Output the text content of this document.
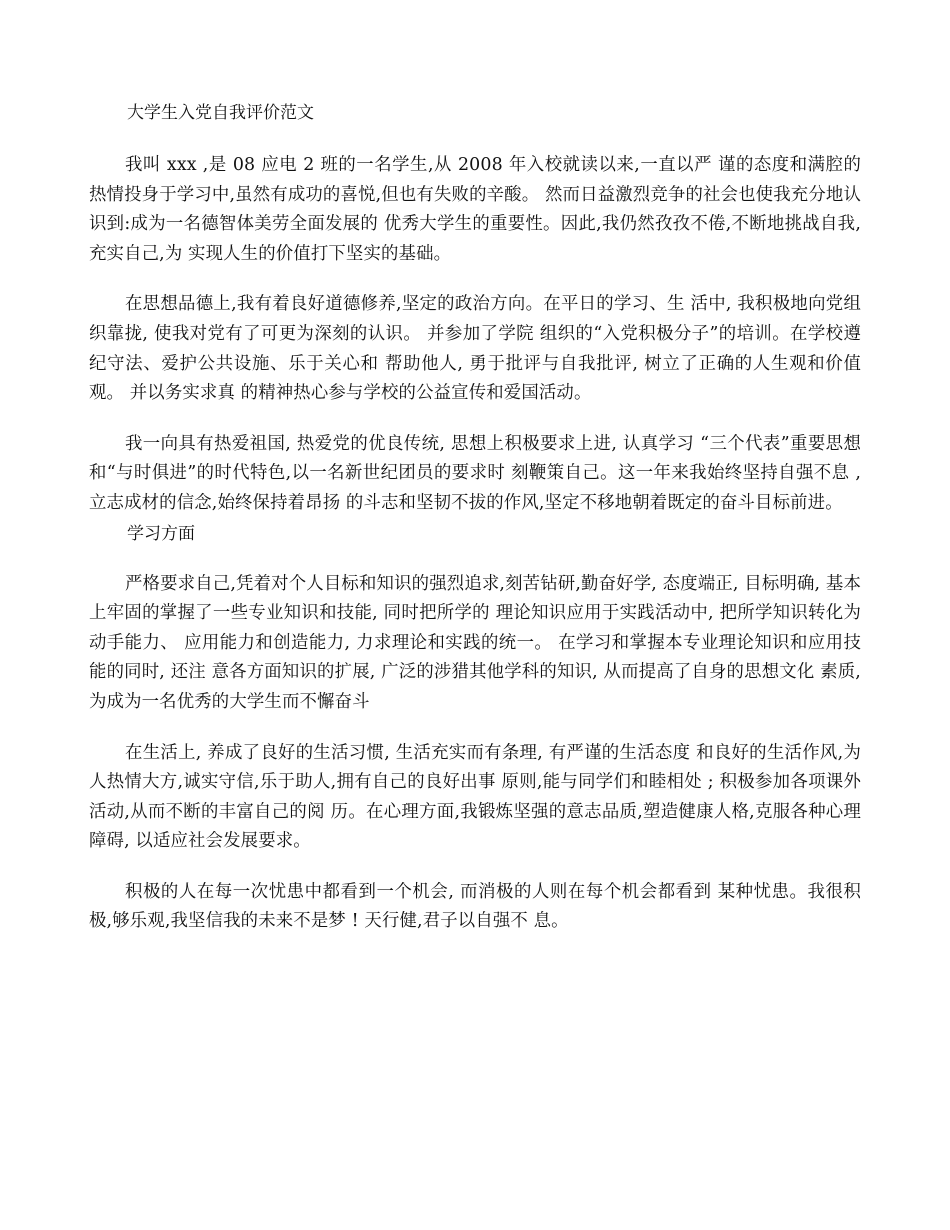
大学生入党自我评价范文

我叫 xxx ,是 08 应电 2 班的一名学生,从 2008 年入校就读以来,一直以严 谨的态度和满腔的热情投身于学习中,虽然有成功的喜悦,但也有失败的辛酸。 然而日益激烈竞争的社会也使我充分地认识到:成为一名德智体美劳全面发展的 优秀大学生的重要性。因此,我仍然孜孜不倦,不断地挑战自我,充实自己,为 实现人生的价值打下坚实的基础。

在思想品德上,我有着良好道德修养,坚定的政治方向。在平日的学习、生 活中, 我积极地向党组织靠拢, 使我对党有了可更为深刻的认识。 并参加了学院 组织的“入党积极分子”的培训。在学校遵纪守法、爱护公共设施、乐于关心和 帮助他人, 勇于批评与自我批评, 树立了正确的人生观和价值观。 并以务实求真 的精神热心参与学校的公益宣传和爱国活动。

我一向具有热爱祖国, 热爱党的优良传统, 思想上积极要求上进, 认真学习 “三个代表”重要思想和“与时俱进”的时代特色,以一名新世纪团员的要求时 刻鞭策自己。这一年来我始终坚持自强不息 , 立志成材的信念,始终保持着昂扬 的斗志和坚韧不拔的作风,坚定不移地朝着既定的奋斗目标前进。

学习方面

严格要求自己,凭着对个人目标和知识的强烈追求,刻苦钻研,勤奋好学, 态度端正, 目标明确, 基本上牢固的掌握了一些专业知识和技能, 同时把所学的 理论知识应用于实践活动中, 把所学知识转化为动手能力、 应用能力和创造能力, 力求理论和实践的统一。 在学习和掌握本专业理论知识和应用技能的同时, 还注 意各方面知识的扩展, 广泛的涉猎其他学科的知识, 从而提高了自身的思想文化 素质,为成为一名优秀的大学生而不懈奋斗

在生活上, 养成了良好的生活习惯, 生活充实而有条理, 有严谨的生活态度 和良好的生活作风,为人热情大方,诚实守信,乐于助人,拥有自己的良好出事 原则,能与同学们和睦相处 ; 积极参加各项课外活动,从而不断的丰富自己的阅 历。在心理方面,我锻炼坚强的意志品质,塑造健康人格,克服各种心理障碍, 以适应社会发展要求。

积极的人在每一次忧患中都看到一个机会, 而消极的人则在每个机会都看到 某种忧患。我很积极,够乐观,我坚信我的未来不是梦 ! 天行健,君子以自强不 息。
